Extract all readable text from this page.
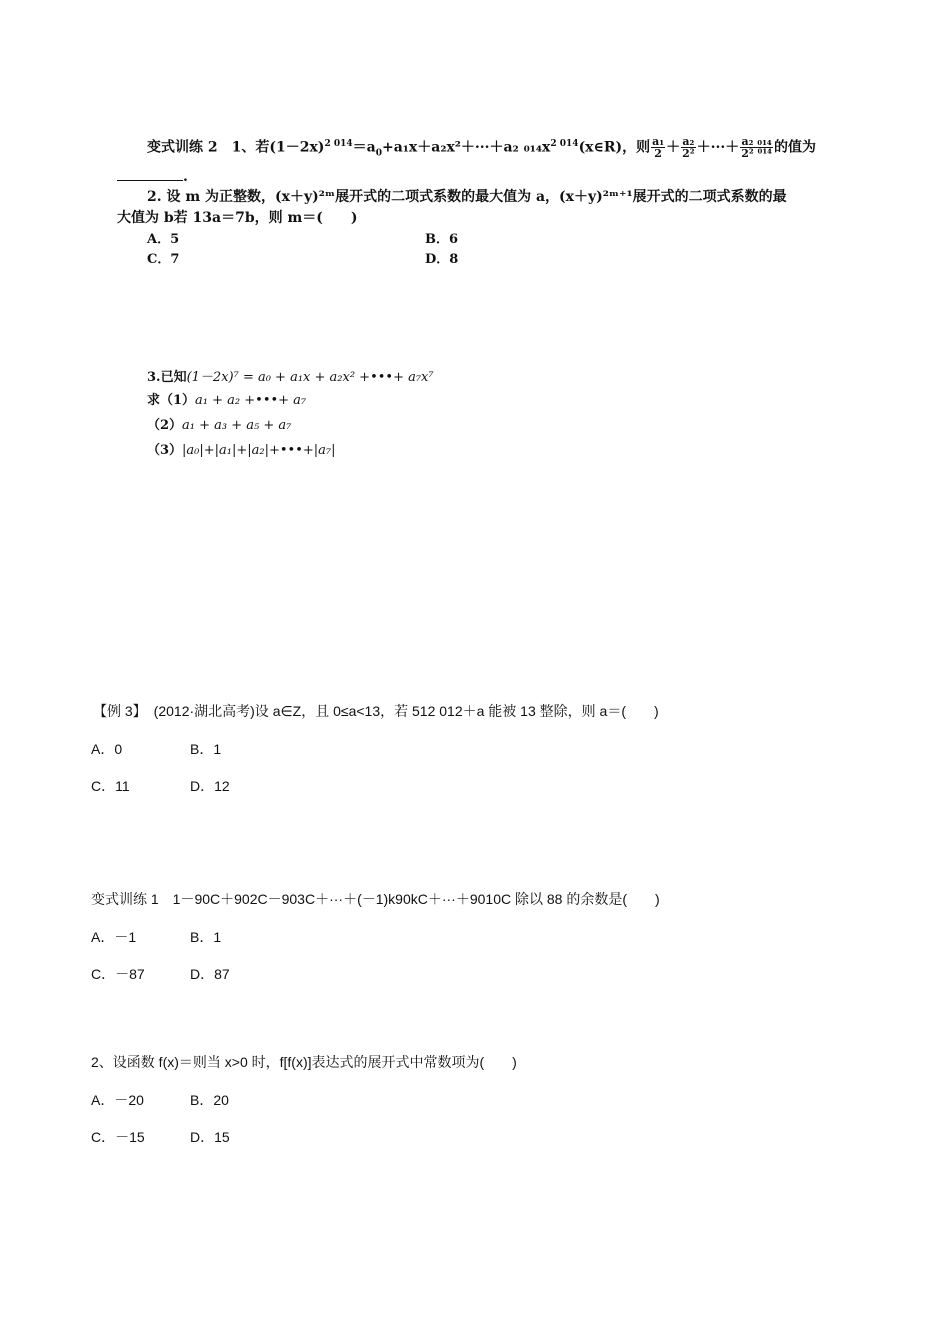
变式训练 2　1、若$(1-2x)^{2 014}=a_0+a_1x+a_2x^2+\cdot\cdot\cdot+a_2$ $_{014}x^{2 014}(x\in R)$，则 $\frac{\text{a₁}}{2} + \frac{\text{a₂}}{\text{2²}}$ ＋···＋ $\frac{\text{a₂ ₀₁₄}}{\text{2² ⁰¹⁴}}$ 的值为
.
2. 设 m 为正整数，(x＋y)²ᵐ展开式的二项式系数的最大值为 a，(x＋y)²ᵐ⁺¹展开式的二项式系数的最
大值为 b若 13a＝7b，则 m＝(　　)
A．5	B．6
C．7	D．8
3.已知(1－2x)⁷ = a₀ + a₁x + a₂x² +•••+ a₇x⁷
求（1）a₁ + a₂ +•••+ a₇
（2）a₁ + a₃ + a₅ + a₇
（3）|a₀|+|a₁|+|a₂|+•••+|a₇|
【例 3】　(2012·湖北高考)设 a∈Z，且 0≤a<13，若 512 012＋a 能被 13 整除，则 a＝(　　)
A．0	B．1
C．11	D．12
变式训练 1　1－90C＋902C－903C＋···＋(－1)k90kC＋···＋9010C 除以 88 的余数是(　　)
A．－1	B．1
C．－87	D．87
2、设函数 f(x)＝则当 x>0 时，f[f(x)]表达式的展开式中常数项为(　　)
A．－20	B．20
C．－15	D．15
